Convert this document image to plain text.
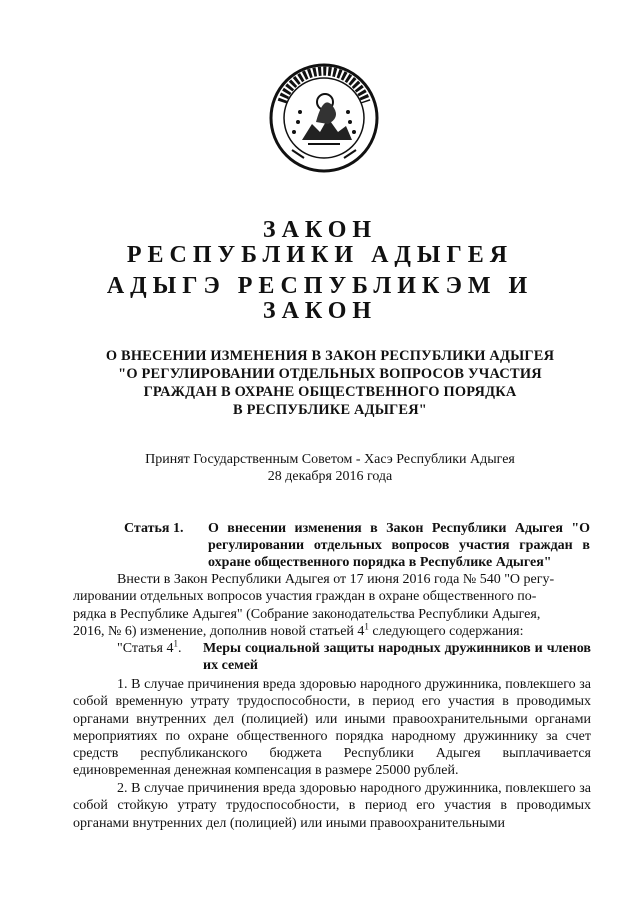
ЗАКОН
РЕСПУБЛИКИ АДЫГЕЯ
АДЫГЭ РЕСПУБЛИКЭМ И
ЗАКОН
О ВНЕСЕНИИ ИЗМЕНЕНИЯ В ЗАКОН РЕСПУБЛИКИ АДЫГЕЯ
"О РЕГУЛИРОВАНИИ ОТДЕЛЬНЫХ ВОПРОСОВ УЧАСТИЯ
ГРАЖДАН В ОХРАНЕ ОБЩЕСТВЕННОГО ПОРЯДКА
В РЕСПУБЛИКЕ АДЫГЕЯ"
Принят Государственным Советом - Хасэ Республики Адыгея
28 декабря 2016 года
Статья 1. О внесении изменения в Закон Республики Адыгея "О регулировании отдельных вопросов участия граждан в охране общественного порядка в Республике Адыгея"
Внести в Закон Республики Адыгея от 17 июня 2016 года № 540 "О регу-
лировании отдельных вопросов участия граждан в охране общественного по-
рядка в Республике Адыгея" (Собрание законодательства Республики Адыгея,
2016, № 6) изменение, дополнив новой статьей $4^1$ следующего содержания:
"Статья $4^1$. Меры социальной защиты народных дружинников и членов их семей

1. В случае причинения вреда здоровью народного дружинника, повлекшего за собой временную утрату трудоспособности, в период его участия в проводимых органами внутренних дел (полицией) или иными правоохранительными органами мероприятиях по охране общественного порядка народному дружиннику за счет средств республиканского бюджета Республики Адыгея выплачивается единовременная денежная компенсация в размере 25000 рублей.

2. В случае причинения вреда здоровью народного дружинника, повлекшего за собой стойкую утрату трудоспособности, в период его участия в проводимых органами внутренних дел (полицией) или иными правоохранительными
